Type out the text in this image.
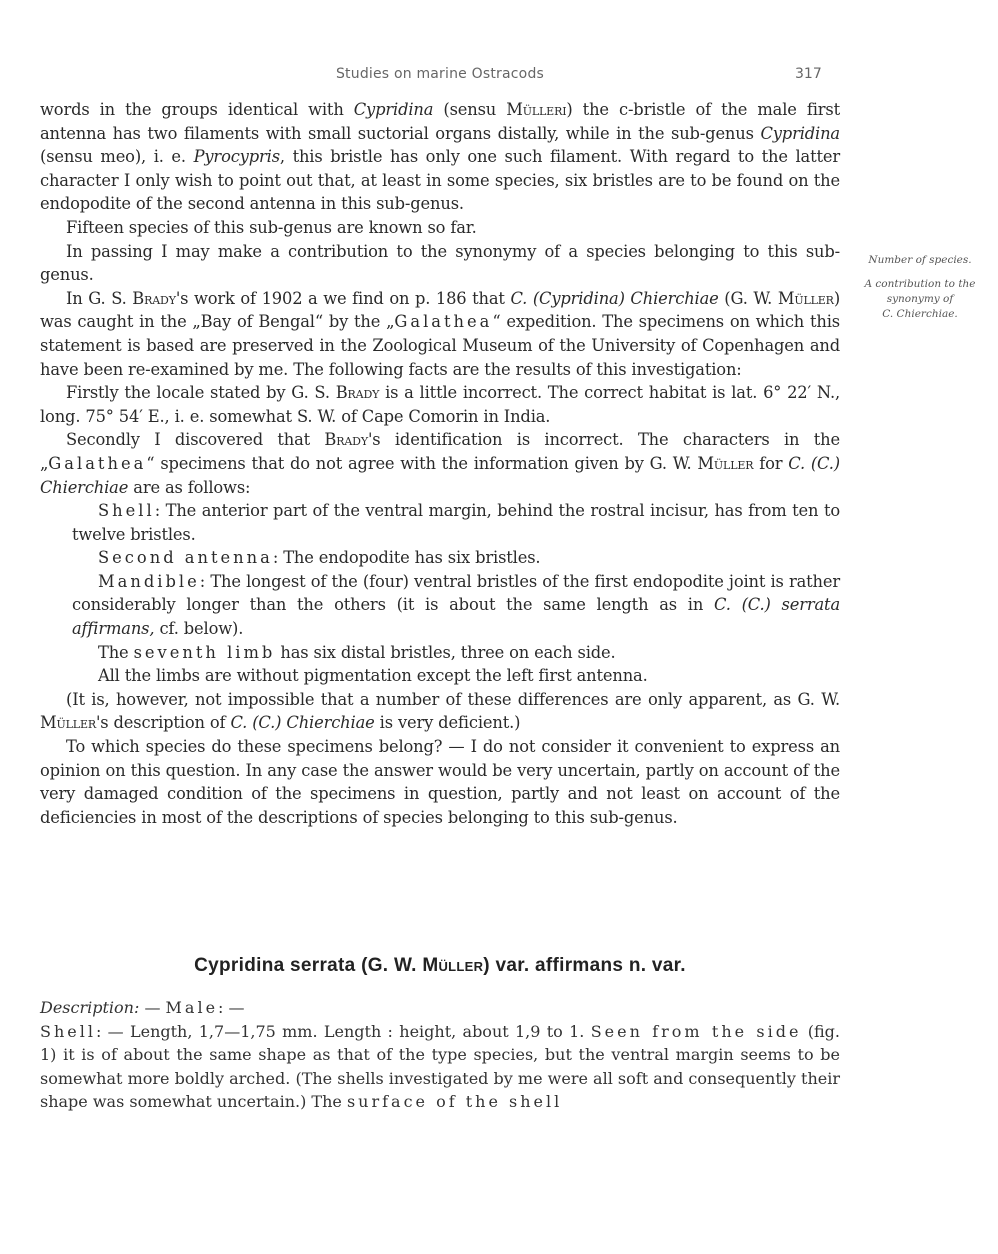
Studies on marine Ostracods	317

words in the groups identical with Cypridina (sensu Mülleri) the c-bristle of the male first antenna has two filaments with small suctorial organs distally, while in the sub-genus Cypridina (sensu meo), i. e. Pyrocypris, this bristle has only one such filament. With regard to the latter character I only wish to point out that, at least in some species, six bristles are to be found on the endopodite of the second antenna in this sub-genus.

Fifteen species of this sub-genus are known so far.

In passing I may make a contribution to the synonymy of a species belonging to this sub-genus.

In G. S. Brady's work of 1902 a we find on p. 186 that C. (Cypridina) Chierchiae (G. W. Müller) was caught in the „Bay of Bengal“ by the „Galathea“ expedition. The specimens on which this statement is based are preserved in the Zoological Museum of the University of Copenhagen and have been re-examined by me. The following facts are the results of this investigation:

Firstly the locale stated by G. S. Brady is a little incorrect. The correct habitat is lat. 6° 22′ N., long. 75° 54′ E., i. e. somewhat S. W. of Cape Comorin in India.

Secondly I discovered that Brady's identification is incorrect. The characters in the „Galathea“ specimens that do not agree with the information given by G. W. Müller for C. (C.) Chierchiae are as follows:

Shell: The anterior part of the ventral margin, behind the rostral incisur, has from ten to twelve bristles.

Second antenna: The endopodite has six bristles.

Mandible: The longest of the (four) ventral bristles of the first endopodite joint is rather considerably longer than the others (it is about the same length as in C. (C.) serrata affirmans, cf. below).

The seventh limb has six distal bristles, three on each side.

All the limbs are without pigmentation except the left first antenna.

(It is, however, not impossible that a number of these differences are only apparent, as G. W. Müller's description of C. (C.) Chierchiae is very deficient.)

To which species do these specimens belong? — I do not consider it convenient to express an opinion on this question. In any case the answer would be very uncertain, partly on account of the very damaged condition of the specimens in question, partly and not least on account of the deficiencies in most of the descriptions of species belonging to this sub-genus.

Number of species.
A contribution to the
synonymy of
C. Chierchiae.
Cypridina serrata (G. W. Müller) var. affirmans n. var.

Description: — Male: —

Shell: — Length, 1,7—1,75 mm. Length : height, about 1,9 to 1. Seen from the side (fig. 1) it is of about the same shape as that of the type species, but the ventral margin seems to be somewhat more boldly arched. (The shells investigated by me were all soft and consequently their shape was somewhat uncertain.) The surface of the shell
